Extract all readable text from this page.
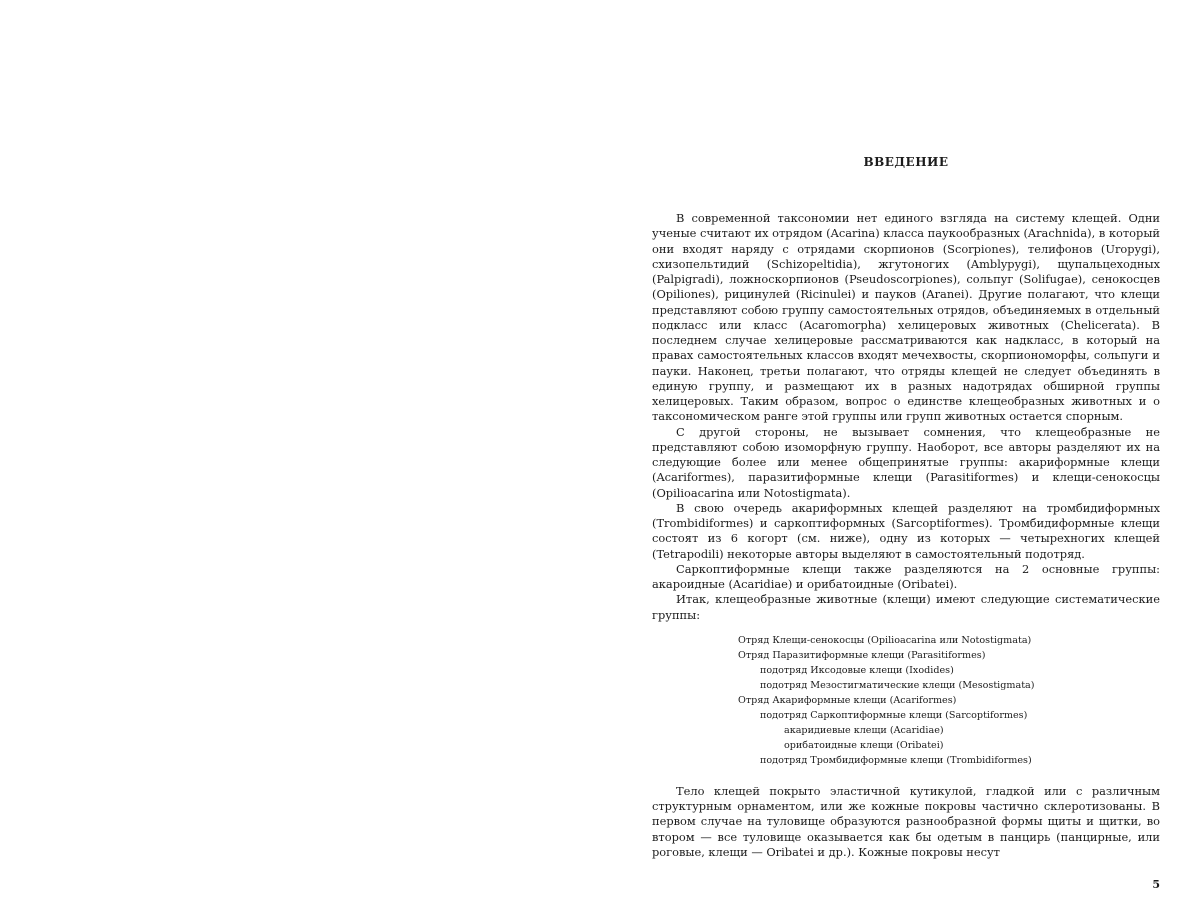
ВВЕДЕНИЕ

В современной таксономии нет единого взгляда на систему клещей. Одни ученые считают их отрядом (Acarina) класса паукообразных (Arachnida), в который они входят наряду с отрядами скорпионов (Scorpiones), телифонов (Uropygi), схизопельтидий (Schizopeltidia), жгутоногих (Amblypygi), щупальцеходных (Palpigradi), ложноскорпионов (Pseudoscorpiones), сольпуг (Solifugae), сенокосцев (Opiliones), рицинулей (Ricinulei) и пауков (Aranei). Другие полагают, что клещи представляют собою группу самостоятельных отрядов, объединяемых в отдельный подкласс или класс (Acaromorpha) хелицеровых животных (Chelicerata). В последнем случае хелицеровые рассматриваются как надкласс, в который на правах самостоятельных классов входят мечехвосты, скорпиономорфы, сольпуги и пауки. Наконец, третьи полагают, что отряды клещей не следует объединять в единую группу, и размещают их в разных надотрядах обширной группы хелицеровых. Таким образом, вопрос о единстве клещеобразных животных и о таксономическом ранге этой группы или групп животных остается спорным.

С другой стороны, не вызывает сомнения, что клещеобразные не представляют собою изоморфную группу. Наоборот, все авторы разделяют их на следующие более или менее общепринятые группы: акариформные клещи (Acariformes), паразитиформные клещи (Parasitiformes) и клещи-сенокосцы (Opilioacarina или Notostigmata).

В свою очередь акариформных клещей разделяют на тромбидиформных (Trombidiformes) и саркоптиформных (Sarcoptiformes). Тромбидиформные клещи состоят из 6 когорт (см. ниже), одну из которых — четырехногих клещей (Tetrapodili) некоторые авторы выделяют в самостоятельный подотряд.

Саркоптиформные клещи также разделяются на 2 основные группы: акароидные (Acaridiae) и орибатоидные (Oribatei).

Итак, клещеобразные животные (клещи) имеют следующие систематические группы:

Отряд Клещи-сенокосцы (Opilioacarina или Notostigmata)
Отряд Паразитиформные клещи (Parasitiformes)
подотряд Иксодовые клещи (Ixodides)
подотряд Мезостигматические клещи (Mesostigmata)
Отряд Акариформные клещи (Acariformes)
подотряд Саркоптиформные клещи (Sarcoptiformes)
акаридиевые клещи (Acaridiae)
орибатоидные клещи (Oribatei)
подотряд Тромбидиформные клещи (Trombidiformes)

Тело клещей покрыто эластичной кутикулой, гладкой или с различным структурным орнаментом, или же кожные покровы частично склеротизованы. В первом случае на туловище образуются разнообразной формы щиты и щитки, во втором — все туловище оказывается как бы одетым в панцирь (панцирные, или роговые, клещи — Oribatei и др.). Кожные покровы несут

5
